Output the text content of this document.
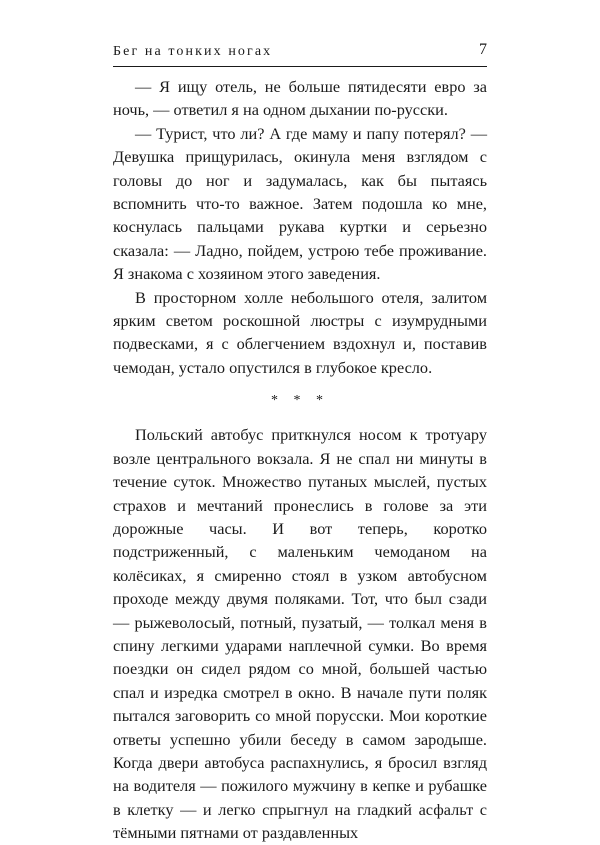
Бег на тонких ногах	7

— Я ищу отель, не больше пятидесяти евро за ночь, — ответил я на одном дыхании по-русски.

— Турист, что ли? А где маму и папу потерял? — Девушка прищурилась, окинула меня взглядом с головы до ног и задумалась, как бы пытаясь вспомнить что-то важное. Затем подошла ко мне, коснулась пальцами рукава куртки и серьезно сказала: — Ладно, пойдем, устрою тебе проживание. Я знакома с хозяином этого заведения.

В просторном холле небольшого отеля, залитом ярким светом роскошной люстры с изумрудными подвесками, я с облегчением вздохнул и, поставив чемодан, устало опустился в глубокое кресло.

* * *

Польский автобус приткнулся носом к тротуару возле центрального вокзала. Я не спал ни минуты в течение суток. Множество путаных мыслей, пустых страхов и мечтаний пронеслись в голове за эти дорожные часы. И вот теперь, коротко подстриженный, с маленьким чемоданом на колёсиках, я смиренно стоял в узком автобусном проходе между двумя поляками. Тот, что был сзади — рыжеволосый, потный, пузатый, — толкал меня в спину легкими ударами наплечной сумки. Во время поездки он сидел рядом со мной, большей частью спал и изредка смотрел в окно. В начале пути поляк пытался заговорить со мной порусски. Мои короткие ответы успешно убили беседу в самом зародыше. Когда двери автобуса распахнулись, я бросил взгляд на водителя — пожилого мужчину в кепке и рубашке в клетку — и легко спрыгнул на гладкий асфальт с тёмными пятнами от раздавленных
